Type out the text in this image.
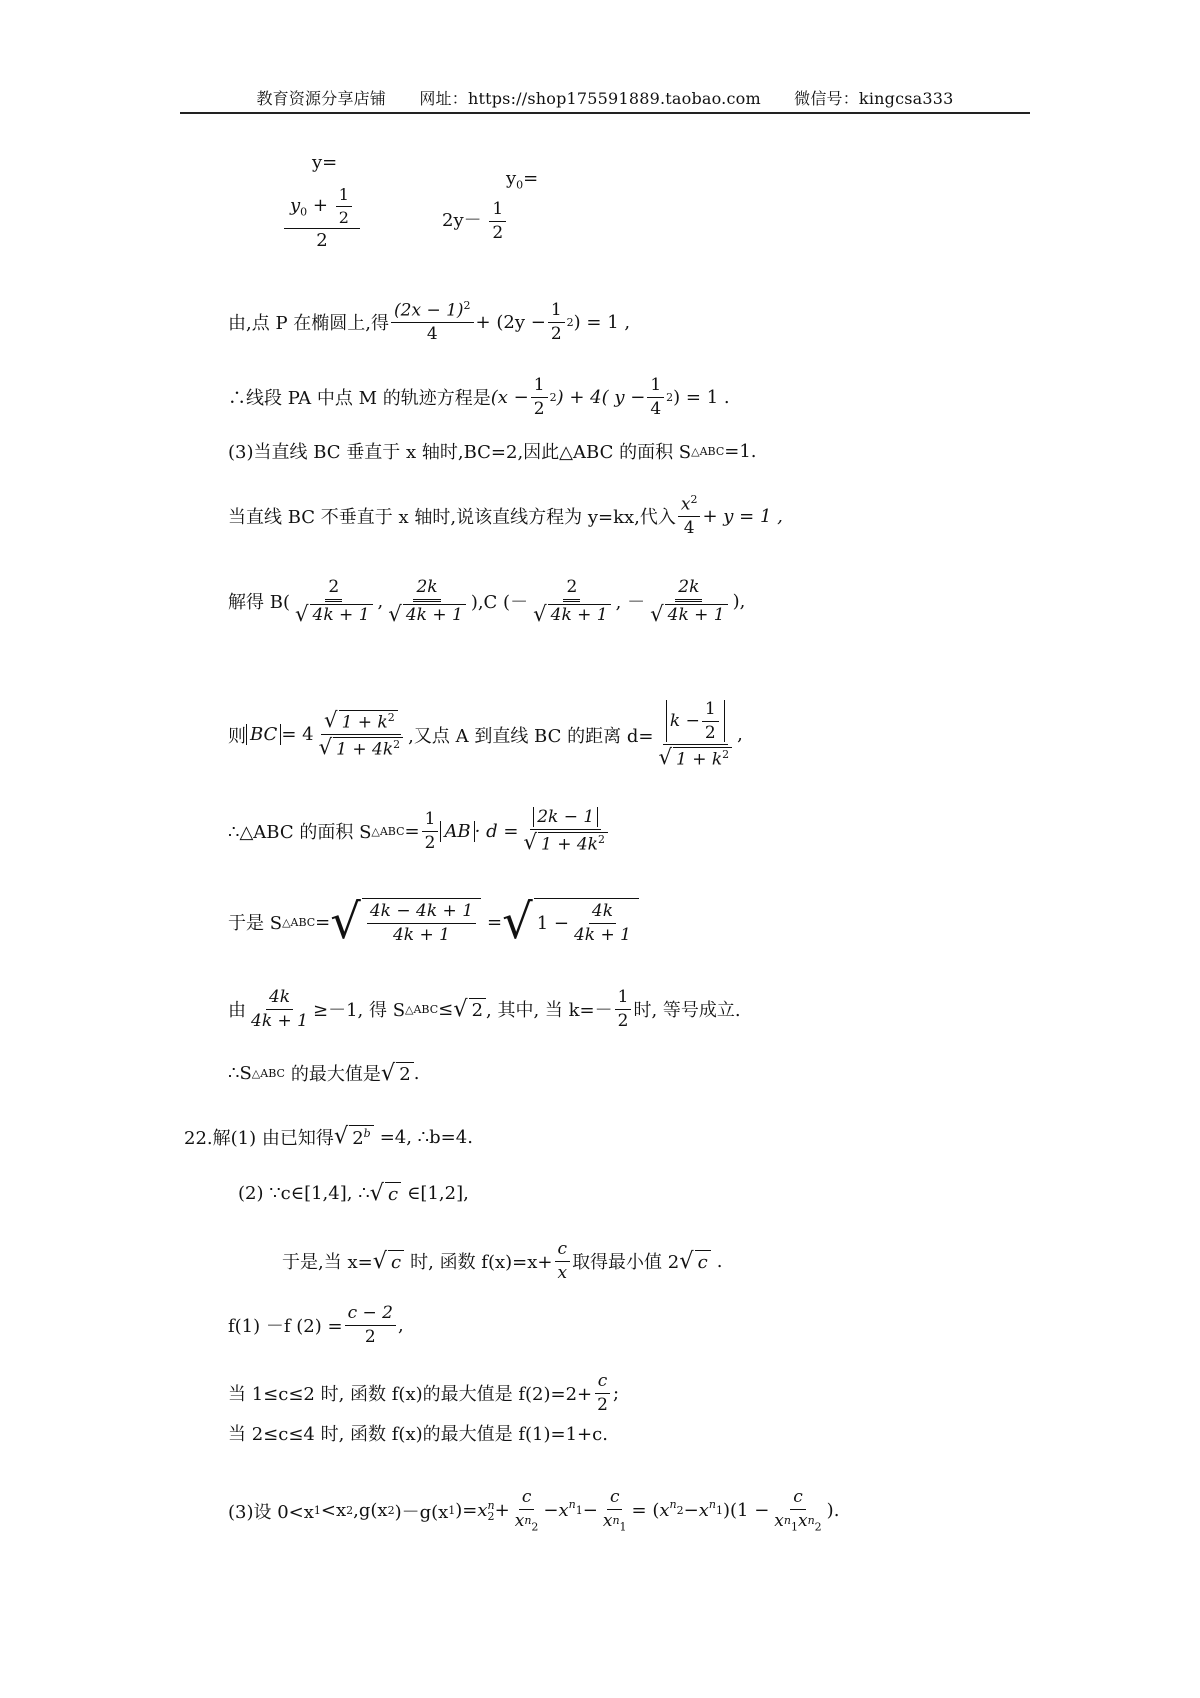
教育资源分享店铺 网址：https://shop175591889.taobao.com 微信号：kingcsa333
y=
$\frac{y_0 + \frac{1}{2}}{2}$
$y_0=$
$2y- \frac{1}{2}$
由,点 P 在椭圆上,得 $\frac{(2x - 1)^2}{4} + (2y - \frac{1}{2} 2$ ) = 1 ,
∴线段 PA 中点 M 的轨迹方程是 ($x - \frac{1}{2} 2$ ) + 4( $y - \frac{1}{4} 2$ ) = 1 .
(3)当直线 BC 垂直于 x 轴时,BC=2,因此△ABC 的面积 S △ABC =1.
当直线 BC 不垂直于 x 轴时,说该直线方程为 y=kx,代入 $\frac{x^2}{4} + y = 1$ ,
解得 $B( \frac{2}{√ 4k + 1}$ , $\frac{2k}{√ 4k + 1} ),C$ (－ $\frac{2}{√ 4k + 1}$ , － $\frac{2k}{√ 4k + 1}$ ),
则 BC = $4 \frac{√ 1 + k^2}{√ 1 + 4k^2}$ ,又点 A 到直线 BC 的距离 $d= \frac{k - \frac{1}{2}}{√ 1 + k^2}$ ,
∴△ABC 的面积 S △ABC = $\frac{1}{2}$ AB · $d = \frac{2k - 1}{√ 1 + 4k^2}$
于是 S △ABC = √ $\frac{4k - 4k + 1}{4k + 1}$ = √ $1 - \frac{4k}{4k + 1}$
由 $\frac{4k}{4k + 1} \ge-1$, 得 S △ABC ≤ √ 2 , 其中, 当 $k=- \frac{1}{2}$ 时, 等号成立.
∴S △ABC 的最大值是 √ 2 .
22.解(1) 由已知得 √ $2^b =4$, ∴b=4.
(2) ∵c∈[1,4], ∴ √ c ∈[1,2],
于是,当 x= √ c 时, 函数 $f(x)=x+ \frac{c}{x}$ 取得最小值 2 √ c .
f(1) －f $(2) = \frac{c - 2}{2}$ ,
当 1≤c≤2 时, 函数 f(x)的最大值是 $f(2)=2+ \frac{c}{2}$ ;
当 2≤c≤4 时, 函数 f(x)的最大值是 f(1)=1+c.
(3)设 0<x 1 <x 2 ,g(x 2 )－g(x 1 )= x n
$2 + \frac{c}{x_{n2}} - x$ $n1 - \frac{c}{x_{n1}}$ = ( x n2 − x n1 )($1 - \frac{c}{x_{n1}x_{n2}}$ ) .
